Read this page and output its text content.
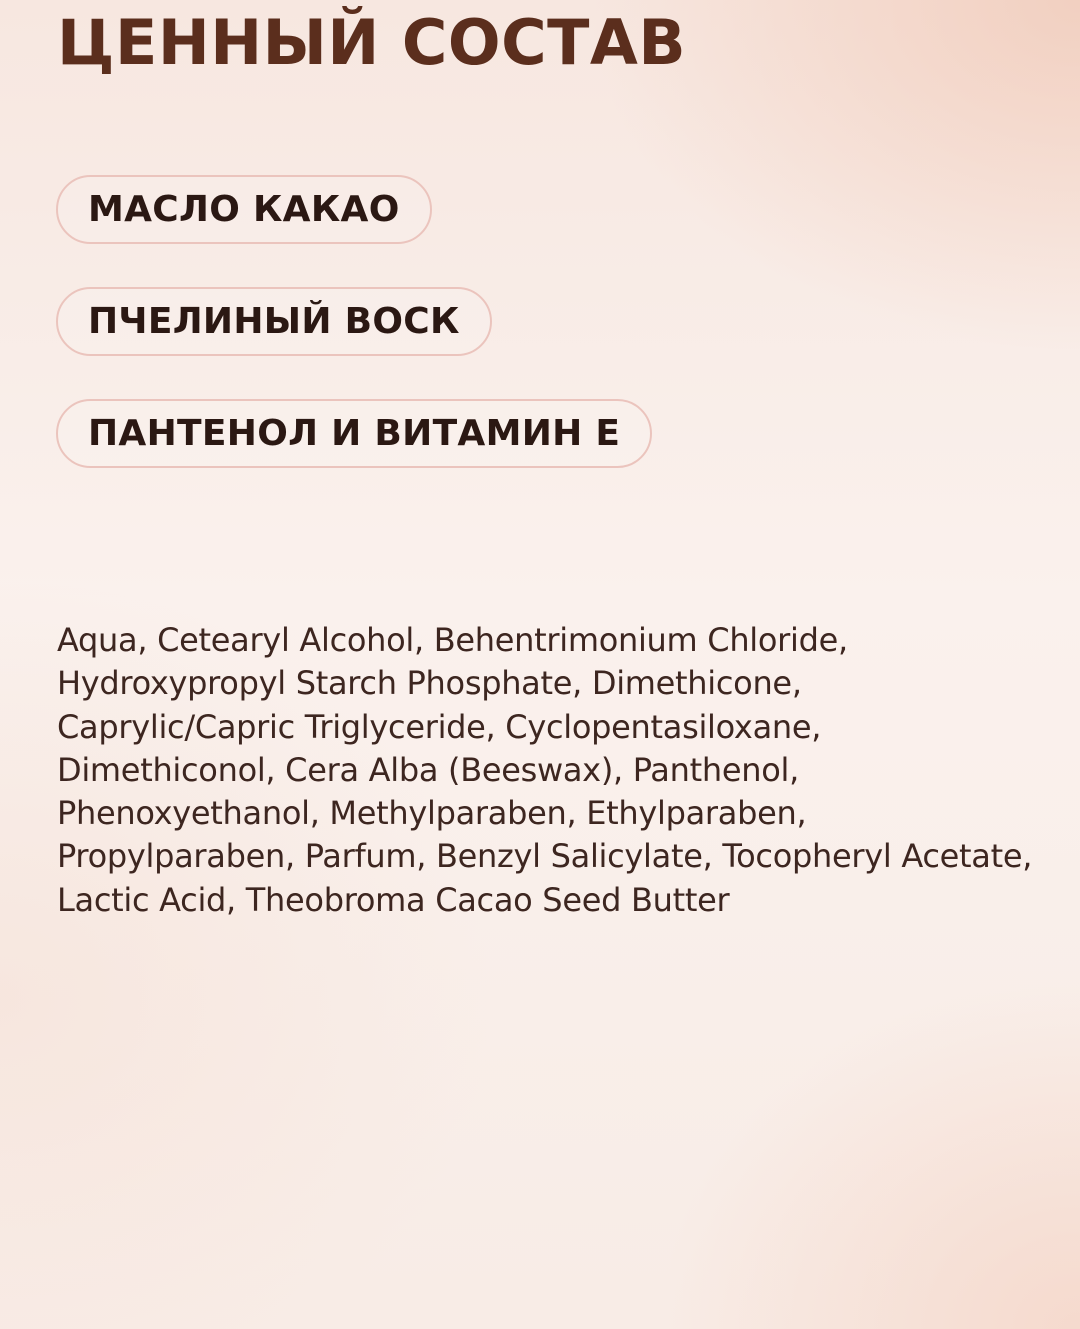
ЦЕННЫЙ СОСТАВ
МАСЛО КАКАО
ПЧЕЛИНЫЙ ВОСК
ПАНТЕНОЛ И ВИТАМИН Е

Aqua, Cetearyl Alcohol, Behentrimonium Chloride, Hydroxypropyl Starch Phosphate, Dimethicone, Caprylic/Capric Triglyceride, Cyclopentasiloxane, Dimethiconol, Cera Alba (Beeswax), Panthenol, Phenoxyethanol, Methylparaben, Ethylparaben, Propylparaben, Parfum, Benzyl Salicylate, Tocopheryl Acetate, Lactic Acid, Theobroma Cacao Seed Butter
